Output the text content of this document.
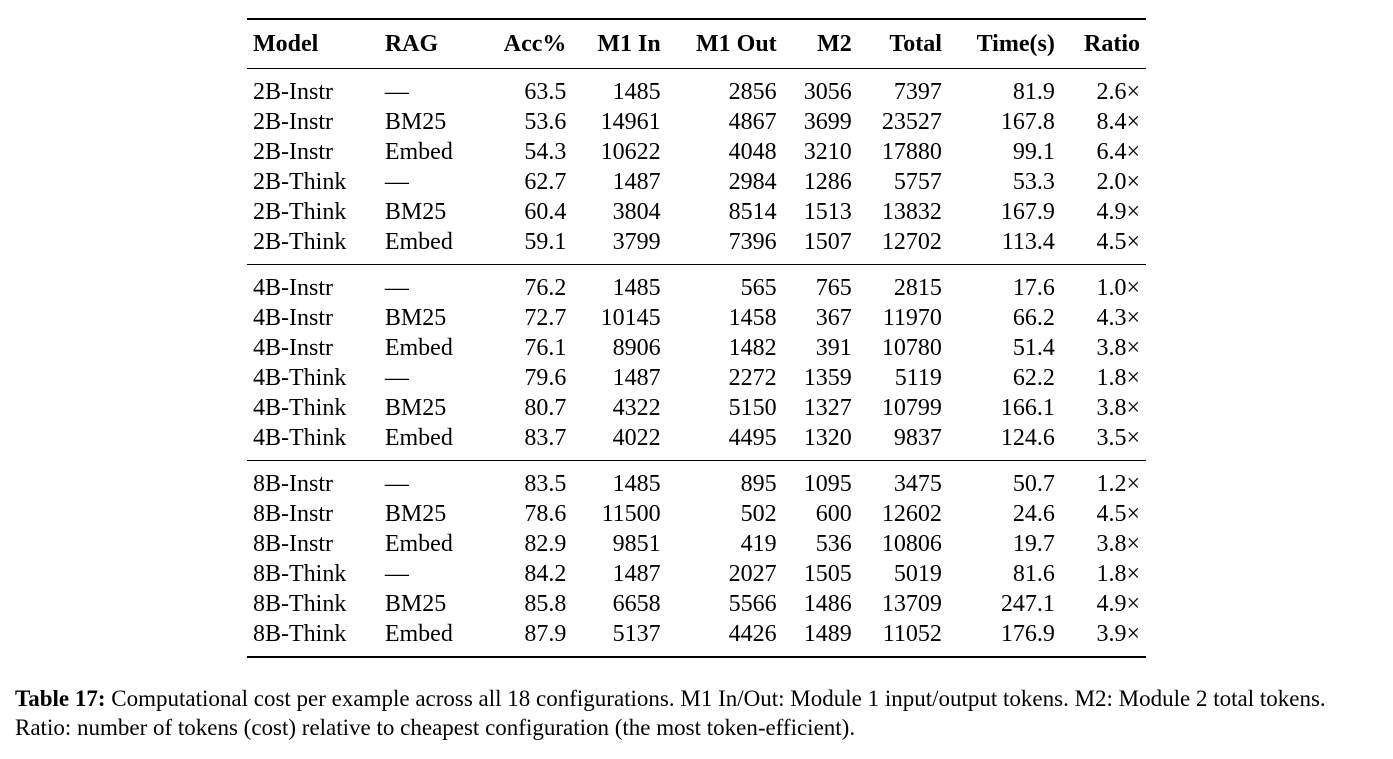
Model	RAG	Acc%	M1 In	M1 Out	M2	Total	Time(s)	Ratio
2B-Instr	—	63.5	1485	2856	3056	7397	81.9	2.6×
2B-Instr	BM25	53.6	14961	4867	3699	23527	167.8	8.4×
2B-Instr	Embed	54.3	10622	4048	3210	17880	99.1	6.4×
2B-Think	—	62.7	1487	2984	1286	5757	53.3	2.0×
2B-Think	BM25	60.4	3804	8514	1513	13832	167.9	4.9×
2B-Think	Embed	59.1	3799	7396	1507	12702	113.4	4.5×
4B-Instr	—	76.2	1485	565	765	2815	17.6	1.0×
4B-Instr	BM25	72.7	10145	1458	367	11970	66.2	4.3×
4B-Instr	Embed	76.1	8906	1482	391	10780	51.4	3.8×
4B-Think	—	79.6	1487	2272	1359	5119	62.2	1.8×
4B-Think	BM25	80.7	4322	5150	1327	10799	166.1	3.8×
4B-Think	Embed	83.7	4022	4495	1320	9837	124.6	3.5×
8B-Instr	—	83.5	1485	895	1095	3475	50.7	1.2×
8B-Instr	BM25	78.6	11500	502	600	12602	24.6	4.5×
8B-Instr	Embed	82.9	9851	419	536	10806	19.7	3.8×
8B-Think	—	84.2	1487	2027	1505	5019	81.6	1.8×
8B-Think	BM25	85.8	6658	5566	1486	13709	247.1	4.9×
8B-Think	Embed	87.9	5137	4426	1489	11052	176.9	3.9×
Table 17: Computational cost per example across all 18 configurations. M1 In/Out: Module 1 input/output tokens. M2: Module 2 total tokens. Ratio: number of tokens (cost) relative to cheapest configuration (the most token-efficient).
